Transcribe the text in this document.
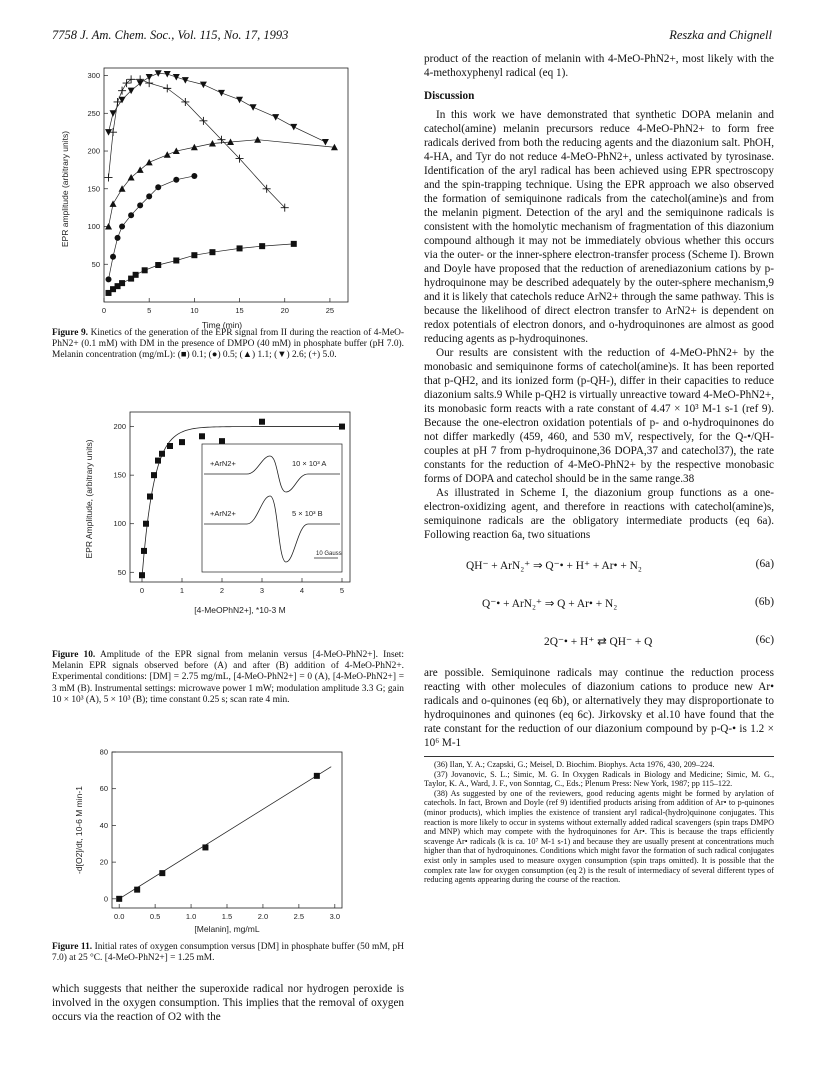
7758 J. Am. Chem. Soc., Vol. 115, No. 17, 1993	Reszka and Chignell
50
100
150
200
250
300
0	5	10	15	20	25
Time (min)
EPR amplitude (arbitrary units)
Figure 9. Kinetics of the generation of the EPR signal from II during the reaction of 4-MeO-PhN2+ (0.1 mM) with DM in the presence of DMPO (40 mM) in phosphate buffer (pH 7.0). Melanin concentration (mg/mL): (■) 0.1; (●) 0.5; (▲) 1.1; (▼) 2.6; (+) 5.0.
50
100
150
200
0	1	2	3	4	5
[4-MeOPhN2+], *10-3 M
EPR Amplitude, (arbitrary units)	+ArN2+	10 × 10³ A
+ArN2+	5 × 10³ B
10 Gauss
Figure 10. Amplitude of the EPR signal from melanin versus [4-MeO-PhN2+]. Inset: Melanin EPR signals observed before (A) and after (B) addition of 4-MeO-PhN2+. Experimental conditions: [DM] = 2.75 mg/mL, [4-MeO-PhN2+] = 0 (A), [4-MeO-PhN2+] = 3 mM (B). Instrumental settings: microwave power 1 mW; modulation amplitude 3.3 G; gain 10 × 10³ (A), 5 × 10³ (B); time constant 0.25 s; scan rate 4 min.
0
20
40
60
80
0.0	0.5	1.0	1.5	2.0	2.5	3.0
[Melanin], mg/mL
-d[O2]/dt, 10-6 M min-1
Figure 11. Initial rates of oxygen consumption versus [DM] in phosphate buffer (50 mM, pH 7.0) at 25 °C. [4-MeO-PhN2+] = 1.25 mM.
which suggests that neither the superoxide radical nor hydrogen peroxide is involved in the oxygen consumption. This implies that the removal of oxygen occurs via the reaction of O2 with the

product of the reaction of melanin with 4-MeO-PhN2+, most likely with the 4-methoxyphenyl radical (eq 1).

Discussion

In this work we have demonstrated that synthetic DOPA melanin and catechol(amine) melanin precursors reduce 4-MeO-PhN2+ to form free radicals derived from both the reducing agents and the diazonium salt. PhOH, 4-HA, and Tyr do not reduce 4-MeO-PhN2+, unless activated by tyrosinase. Identification of the aryl radical has been achieved using EPR spectroscopy and the spin-trapping technique. Using the EPR approach we also observed the formation of semiquinone radicals from the catechol(amine)s and from the melanin pigment. Detection of the aryl and the semiquinone radicals is consistent with the homolytic mechanism of fragmentation of this diazonium compound although it may not be immediately obvious whether this occurs via the outer- or the inner-sphere electron-transfer process (Scheme I). Brown and Doyle have proposed that the reduction of arenediazonium cations by p-hydroquinone may be described adequately by the outer-sphere mechanism,9 and it is likely that catechols reduce ArN2+ through the same pathway. This is because the likelihood of direct electron transfer to ArN2+ is dependent on redox potentials of electron donors, and o-hydroquinones are almost as good reducing agents as p-hydroquinones.

Our results are consistent with the reduction of 4-MeO-PhN2+ by the monobasic and semiquinone forms of catechol(amine)s. It has been reported that p-QH2, and its ionized form (p-QH-), differ in their capacities to reduce diazonium salts.9 While p-QH2 is virtually unreactive toward 4-MeO-PhN2+, its monobasic form reacts with a rate constant of 4.47 × 10³ M-1 s-1 (ref 9). Because the one-electron oxidation potentials of p- and o-hydroquinones do not differ markedly (459, 460, and 530 mV, respectively, for the Q-•/QH- couples at pH 7 from p-hydroquinone,36 DOPA,37 and catechol37), the rate constants for the reduction of 4-MeO-PhN2+ by the respective monobasic forms of DOPA and catechol should be in the same range.38

As illustrated in Scheme I, the diazonium group functions as a one-electron-oxidizing agent, and therefore in reactions with catechol(amine)s, semiquinone radicals are the obligatory intermediate products (eq 6a). Following reaction 6a, two situations

QH⁻ + ArN₂⁺ ⇒ Q⁻• + H⁺ + Ar• + N₂	(6a)
Q⁻• + ArN₂⁺ ⇒ Q + Ar• + N₂	(6b)
2Q⁻• + H⁺ ⇄ QH⁻ + Q	(6c)

are possible. Semiquinone radicals may continue the reduction process reacting with other molecules of diazonium cations to produce new Ar• radicals and o-quinones (eq 6b), or alternatively they may disproportionate to hydroquinones and quinones (eq 6c). Jirkovsky et al.10 have found that the rate constant for the reduction of our diazonium compound by p-Q-• is 1.2 × 10⁶ M-1

(36) Ilan, Y. A.; Czapski, G.; Meisel, D. Biochim. Biophys. Acta 1976, 430, 209–224.

(37) Jovanovic, S. L.; Simic, M. G. In Oxygen Radicals in Biology and Medicine; Simic, M. G., Taylor, K. A., Ward, J. F., von Sonntag, C., Eds.; Plenum Press: New York, 1987; pp 115–122.

(38) As suggested by one of the reviewers, good reducing agents might be formed by arylation of catechols. In fact, Brown and Doyle (ref 9) identified products arising from addition of Ar• to p-quinones (minor products), which implies the existence of transient aryl radical-(hydro)quinone conjugates. This reaction is more likely to occur in systems without externally added radical scavengers (spin traps DMPO and MNP) which may compete with the hydroquinones for Ar•. This is because the traps efficiently scavenge Ar• radicals (k is ca. 10⁷ M-1 s-1) and because they are usually present at concentrations much higher than that of hydroquinones. Conditions which might favor the formation of such radical conjugates exist only in samples used to measure oxygen consumption (spin traps omitted). It is possible that the complex rate law for oxygen consumption (eq 2) is the result of intermediacy of several different types of reducing agents appearing during the course of the reaction.
